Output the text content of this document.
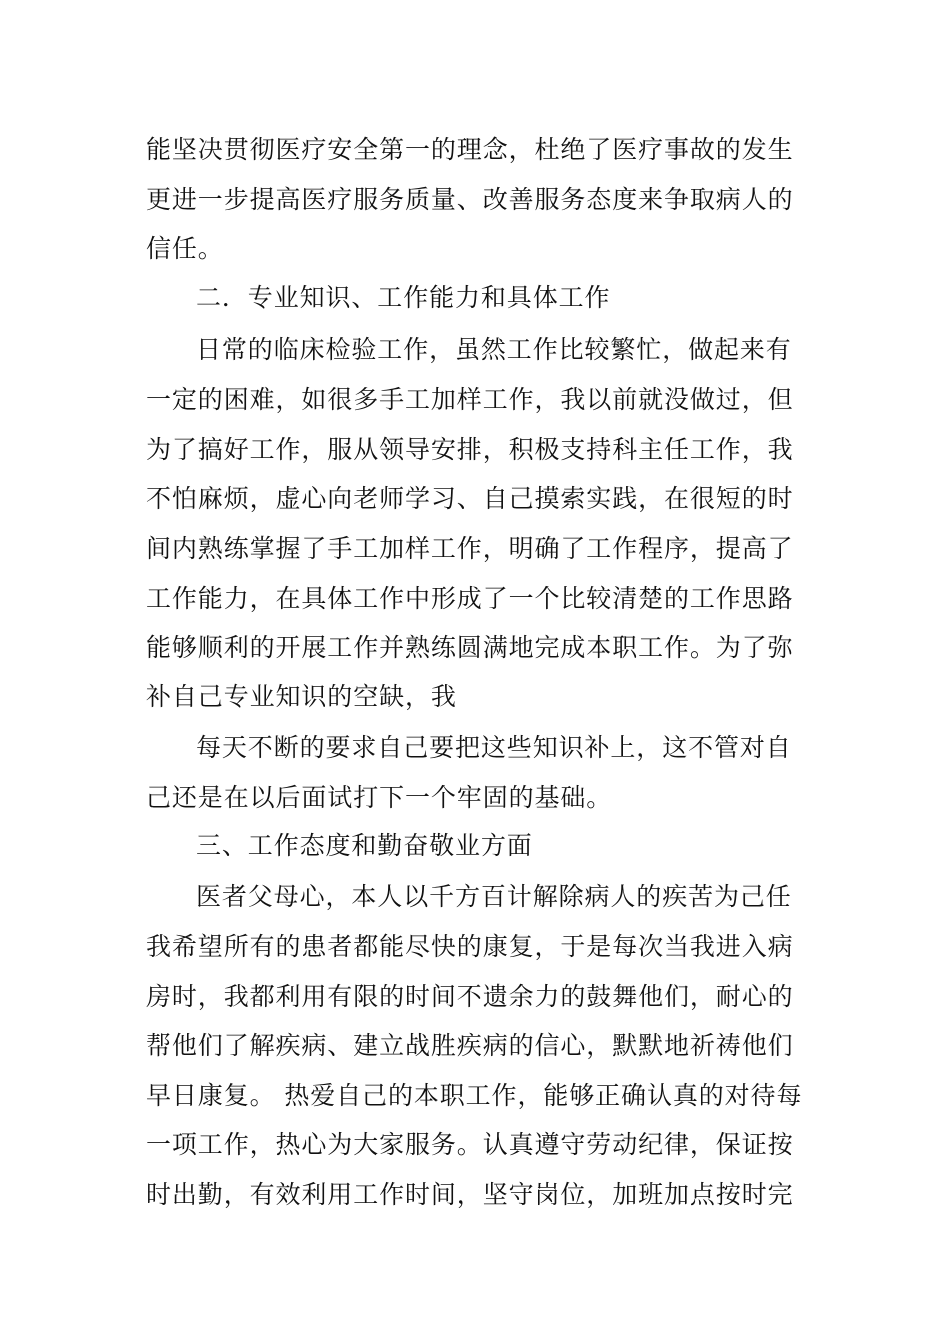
能坚决贯彻医疗安全第一的理念，杜绝了医疗事故的发生
更进一步提高医疗服务质量、改善服务态度来争取病人的
信任。
二．专业知识、工作能力和具体工作
日常的临床检验工作，虽然工作比较繁忙，做起来有
一定的困难，如很多手工加样工作，我以前就没做过，但
为了搞好工作，服从领导安排，积极支持科主任工作，我
不怕麻烦，虚心向老师学习、自己摸索实践，在很短的时
间内熟练掌握了手工加样工作，明确了工作程序，提高了
工作能力，在具体工作中形成了一个比较清楚的工作思路
能够顺利的开展工作并熟练圆满地完成本职工作。为了弥
补自己专业知识的空缺，我
每天不断的要求自己要把这些知识补上，这不管对自
己还是在以后面试打下一个牢固的基础。
三、工作态度和勤奋敬业方面
医者父母心，本人以千方百计解除病人的疾苦为己任
我希望所有的患者都能尽快的康复，于是每次当我进入病
房时，我都利用有限的时间不遗余力的鼓舞他们，耐心的
帮他们了解疾病、建立战胜疾病的信心，默默地祈祷他们
早日康复。 热爱自己的本职工作，能够正确认真的对待每
一项工作，热心为大家服务。认真遵守劳动纪律，保证按
时出勤，有效利用工作时间，坚守岗位，加班加点按时完
